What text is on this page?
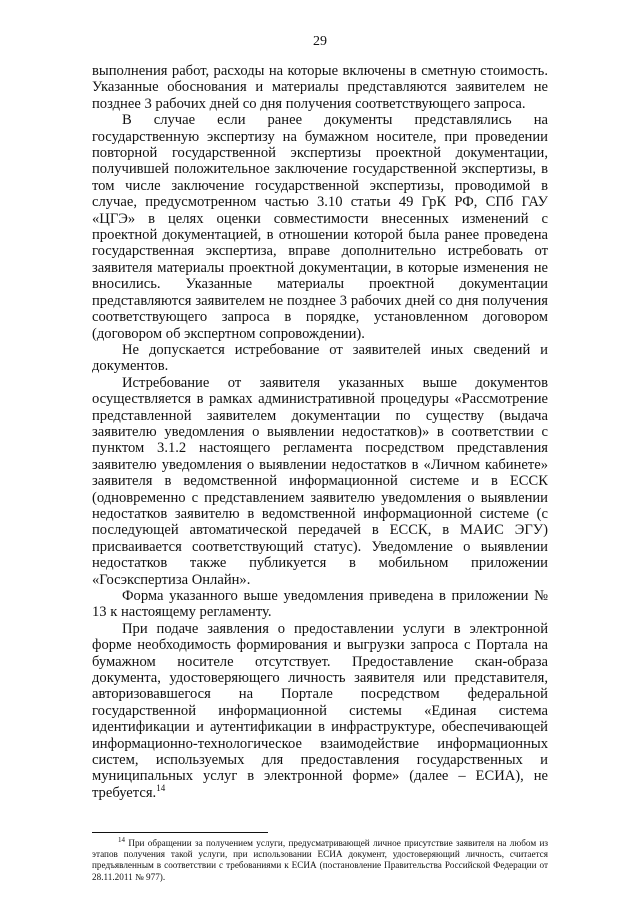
29

выполнения работ, расходы на которые включены в сметную стоимость. Указанные обоснования и материалы представляются заявителем не позднее 3 рабочих дней со дня получения соответствующего запроса.

В случае если ранее документы представлялись на государственную экспертизу на бумажном носителе, при проведении повторной государственной экспертизы проектной документации, получившей положительное заключение государственной экспертизы, в том числе заключение государственной экспертизы, проводимой в случае, предусмотренном частью 3.10 статьи 49 ГрК РФ, СПб ГАУ «ЦГЭ» в целях оценки совместимости внесенных изменений с проектной документацией, в отношении которой была ранее проведена государственная экспертиза, вправе дополнительно истребовать от заявителя материалы проектной документации, в которые изменения не вносились. Указанные материалы проектной документации представляются заявителем не позднее 3 рабочих дней со дня получения соответствующего запроса в порядке, установленном договором (договором об экспертном сопровождении).

Не допускается истребование от заявителей иных сведений и документов.

Истребование от заявителя указанных выше документов осуществляется в рамках административной процедуры «Рассмотрение представленной заявителем документации по существу (выдача заявителю уведомления о выявлении недостатков)» в соответствии с пунктом 3.1.2 настоящего регламента посредством представления заявителю уведомления о выявлении недостатков в «Личном кабинете» заявителя в ведомственной информационной системе и в ЕССК (одновременно с представлением заявителю уведомления о выявлении недостатков заявителю в ведомственной информационной системе (с последующей автоматической передачей в ЕССК, в МАИС ЭГУ) присваивается соответствующий статус). Уведомление о выявлении недостатков также публикуется в мобильном приложении «Госэкспертиза Онлайн».

Форма указанного выше уведомления приведена в приложении № 13 к настоящему регламенту.

При подаче заявления о предоставлении услуги в электронной форме необходимость формирования и выгрузки запроса с Портала на бумажном носителе отсутствует. Предоставление скан-образа документа, удостоверяющего личность заявителя или представителя, авторизовавшегося на Портале посредством федеральной государственной информационной системы «Единая система идентификации и аутентификации в инфраструктуре, обеспечивающей информационно-технологическое взаимодействие информационных систем, используемых для предоставления государственных и муниципальных услуг в электронной форме» (далее – ЕСИА), не требуется.$^{14}$

$^{14}$ При обращении за получением услуги, предусматривающей личное присутствие заявителя на любом из этапов получения такой услуги, при использовании ЕСИА документ, удостоверяющий личность, считается предъявленным в соответствии с требованиями к ЕСИА (постановление Правительства Российской Федерации от 28.11.2011 № 977).
